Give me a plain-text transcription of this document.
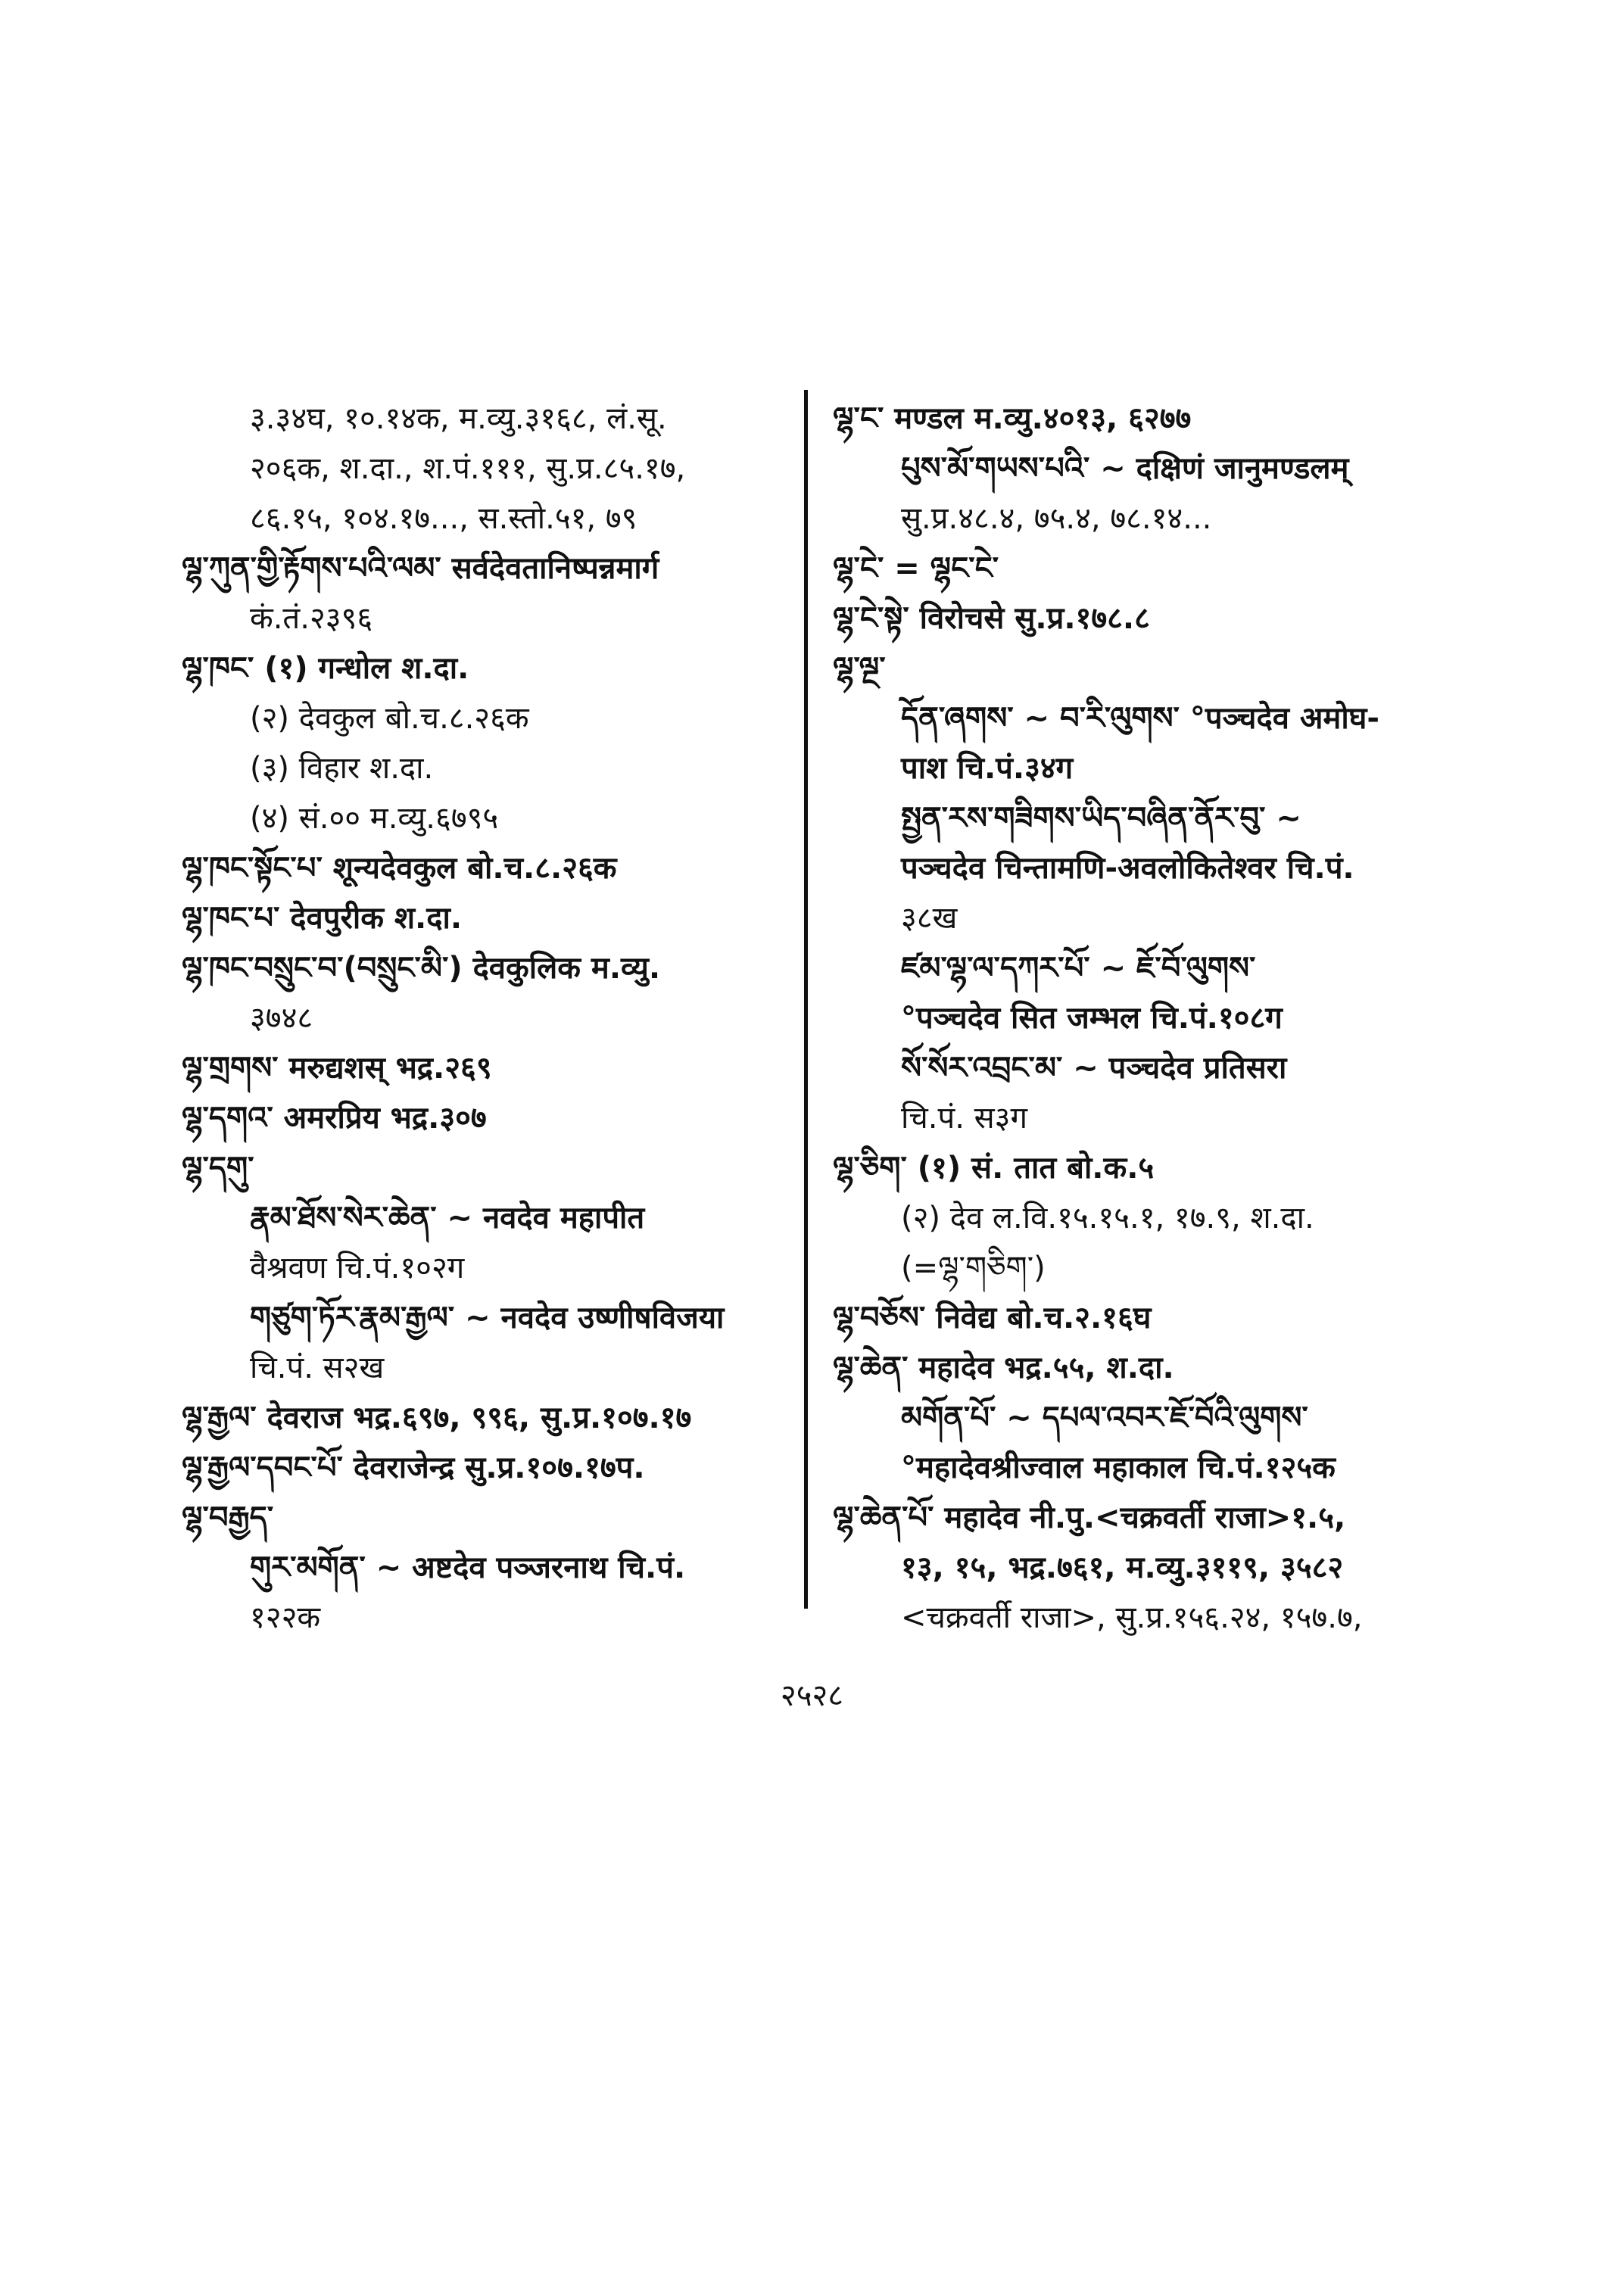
३.३४घ, १०.१४क, म.व्यु.३१६८, लं.सू.
२०६क, श.दा., श.पं.१११, सु.प्र.८५.१७,
८६.१५, १०४.१७..., स.स्तो.५१, ७९
ལྷ་ཀུན་གྱི་རྟོགས་པའི་ལམ་ सर्वदेवतानिष्पन्नमार्ग
कं.तं.२३९६
ལྷ་ཁང་ (१) गन्धोल श.दा.
(२) देवकुल बो.च.८.२६क
(३) विहार श.दा.
(४) सं.०० म.व्यु.६७९५
ལྷ་ཁང་སྟོང་པ་ शून्यदेवकुल बो.च.८.२६क
ལྷ་ཁང་པ་ देवपुरीक श.दा.
ལྷ་ཁང་བསྲུང་བ་(བསྲུང་མི་) देवकुलिक म.व्यु.
३७४८
ལྷ་གྲགས་ मरुद्यशस् भद्र.२६९
ལྷ་དགའ་ अमरप्रिय भद्र.३०७
ལྷ་དགུ་
རྣམ་ཐོས་སེར་ཆེན་ ~ नवदेव महापीत
वैश्रवण चि.पं.१०२ग
གཙུག་ཏོར་རྣམ་རྒྱལ་ ~ नवदेव उष्णीषविजया
चि.पं. स२ख
ལྷ་རྒྱལ་ देवराज भद्र.६९७, ९९६, सु.प्र.१०७.१७
ལྷ་རྒྱལ་དབང་པོ་ देवराजेन्द्र सु.प्र.१०७.१७प.
ལྷ་བརྒྱད་
གུར་མགོན་ ~ अष्टदेव पञ्जरनाथ चि.पं.
१२२क
ལྷ་ང་ मण्डल म.व्यु.४०१३, ६२७७
པུས་མོ་གཡས་པའི་ ~ दक्षिणं जानुमण्डलम्
सु.प्र.४८.४, ७५.४, ७८.१४...
ལྷ་ངེ་ = ལྷང་ངེ་
ལྷ་ངེ་སྟེ་ विरोचसे सु.प्र.१७८.८
ལྷ་ལྔ་
དོན་ཞགས་ ~ བ་རི་ལུགས་ °पञ्चदेव अमोघ-
पाश चि.पं.३४ग
སྤྱན་རས་གཟིགས་ཡིད་བཞིན་ནོར་བུ་ ~
पञ्चदेव चिन्तामणि-अवलोकितेश्वर चि.पं.
३८ख
ཛམ་ལྷ་ལ་དཀར་པོ་ ~ ཇོ་བོ་ལུགས་
°पञ्चदेव सित जम्भल चि.पं.१०८ग
སོ་སོར་འབྲང་མ་ ~ पञ्चदेव प्रतिसरा
चि.पं. स३ग
ལྷ་ཅིག་ (१) सं. तात बो.क.५
(२) देव ल.वि.१५.१५.१, १७.९, श.दा.
(=ལྷ་གཅིག་)
ལྷ་བཅོས་ निवेद्य बो.च.२.१६घ
ལྷ་ཆེན་ महादेव भद्र.५५, श.दा.
མགོན་པོ་ ~ དཔལ་འབར་ཇོ་བོའི་ལུགས་
°महादेवश्रीज्वाल महाकाल चि.पं.१२५क
ལྷ་ཆེན་པོ་ महादेव नी.पु.<चक्रवर्ती राजा>१.५,
१३, १५, भद्र.७६१, म.व्यु.३११९, ३५८२
<चक्रवर्ती राजा>, सु.प्र.१५६.२४, १५७.७,
२५२८
